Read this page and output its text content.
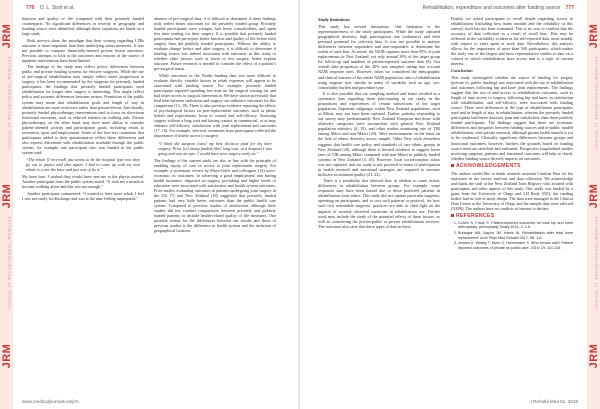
JRM
JRM
JRM
Journal of Rehabilitation Medicine
Journal of Rehabilitation Medicine
776 O. L. Stott et al.

function and quality of life compared with their privately funded counterparts. No significant differences in severity of geography and funding source were identified, although these variations are based on a large study.

Both surveys share the paradigm that their scoring regarding LTRs outcome is more important than their underlying status measures. It was not possible to compare financially-insured private lesion outcomes. Previous attempts to look at the outcomes and reasons of the source of inpatient interventions have been limited.

The findings of the study may reflect policy differences between public and private funding systems for elective surgeries. While the use of pre-surgical rehabilitation may simply reflect faster progression to surgery, it has been recommended by the surgeons for privately funded participants, the findings that privately funded participants used rehabilitation for longer after surgery is interesting. This might reflect policy and systemic differences between sectors. Promotion of the public system may mean that rehabilitation goals and length of stay in rehabilitation are more restrictive rather than person-driven. Anecdotally, privately funded physiotherapy interventions tend to focus on short-term functional outcomes, such as reduced reliance on walking aids. Private physiotherapy, on the other hand, may have more ability to consider patient-oriented activity and participation goals, including return to recreation, sport and employment. Some of the free-text comments that participants added to their questionnaires reflect these differences and also express discontent with rehabilitation available through the public system; for example, one participant who was funded in the public system said:

“The rehab [I received] just seems to be the hospital type now they go out to physio and then again. I had to come up with my own rehab to cover the knee and just sort of fix it.”

My knee hurt. I wished they would have sent me to the physio instead. Another participant from the public system noted: “It took me a month to become walking alone and this was not enough.”

Another participant commented: “I wanted to have more rehab, I feel I was not ready for discharge and was at the time feeling unprepared.”

absence of pre-surgical data, it is difficult to determine if these findings truly reflect better outcomes for the privately funded group. Privately funded participants were younger, had fewer comorbidities, and spent less time waiting for their surgery. It is possible that privately funded participants had pre-injury, better function and quality of life before their surgery than did publicly funded participants. Without the ability to evaluate change before and after surgery, it is difficult to determine if funding source was indeed associated with outcomes in this study or whether other factors, such as lower or less surgery, better explain outcome. Future research is needed to consider the effect of a patient’s pre-surgical status.

While outcomes in the Nordic-funding data sets more difficult to evaluate directly, variable factors in rehab expenses will appear to be associated with funding source. For example, privately funded participants reported spending less time on the surgical waiting list and had faster access to surgical intervention. We have shown previously that lead time between indication and surgery can influence outcomes for this comparison (13, 19). There is also previous evidence reporting the effects of psychological factors on post-replacement outcomes, such as phone beliefs and expectations, locus of control and self-efficacy. Assessing surgery without a long wait and having contact in commercial, or as may enhance self-efficacy, satisfaction with joint replacement and outcomes (17, 18). For example, free-text comments from participants reflected the importance of timely access to surgery:

“I think the surgeon [was] my best decision paid for my knee surgery. Prior [to] being funded [the] long wait, at a hospital I was going and was an epic. I would have seen surgery early on.”

The findings of the current study are also in line with the principle of enabling equity of care in access to joint replacement surgery. For example, a systematic review by Mayo-Gulfs and colleagues (13) socio-economic as outcomes, in achieving a good employment and having health insurance, impacted on surgery, pre-taking and higher levels of education were associated with satisfaction and health system outcomes. Prior studies evaluating outcomes in patients undergoing joint surgery in the UK (7) and New Zealand (18) suggested that privately funded patients had very little better outcomes than the public health care system. Compared to previous studies of satisfaction, although there studies did not conduct comparisons between privately and publicly funded patients or include health-related quality of life measures. One possible reason for the differences between our results and those of previous studies is the difference in health system and the inclusion of geographical location.

www.medicaljournals.se/jrm
JRM
JRM
JRM
Journal of Rehabilitation Medicine
Journal of Rehabilitation Medicine
Rehabilitation, expenditure and outcomes after funding source 777
Study limitations

This study has several limitations. One limitation is the representativeness of the study participants. While the study captured geographical diversity, high participation rate (voluntary) and their personal potential for selection bias. It was not possible to analyse differences between responders and non-responders to determine the extent of such bias. As noted, the NZJR captures more than 95% of joint replacements in New Zealand, yet only around 20% of the target group for follow-up and numbers of patient-reported outcome data (8). Our overall data proportion of the 20% was sampled, taking into account NZJR response rates. However, when we considered the demographic and clinical features of the whole NZJR population, ratio of rehabilitation using surgeon tyre, similar in terms of variables such as age, sex, comorbidity burden and procedure type.

It is also possible that our sampling method and frame resulted in a systematic bias regarding those participating in our study, in the proportions and experiences of certain subsections of the target population. Important subgroups within New Zealand populations, such as Māori, may not have been captured. Further, patients responding to our survey may predominantly New Zealand European and those with relatively categories were inconsistent with general New Zealand population statistics (4, 19), and other studies examining rate of TJR among Māori and non-Māori (20). Were ascertainment on the basis on the lack of ethnic diversity across sample. Other New work elsewhere suggests that health care policy and standards of care ethnic groups in New Zealand (20), although there is limited evidence to suggest lower rates of TJR among Māori compared with non-Māori in publicly funded systems in New Zealand (4, 18). However, local socioeconomic status was not captured, and our study is not powered in terms of participation in health research and emotional strategies are required to increase inclusive recruitment quality (21, 22).

There is a possibility that selected bias in relation to some extent, differences in rehabilitation between groups. For example, some responses may have been biased due to these preferred patients in rehabilitation from others. This study did not capture particular surgeons, operating on participants, and to cost such patterns or protocol, for how such cost reasonable surgeons’ practices are able to shed light on the impacts of recently observed variations in rehabilitation use. Further work may include the study of the potential effects of these factors, as well as considering the private-public or private rehabilitation services. The outcomes also raise that these types of data in these

Finally, we asked participants to recall details regarding access to rehabilitation (including how many months and the reliability of this survey) itself has not been examined. This is no way to confirm that the accuracy of data collection as a result of recall bias. This may be reflected in the variability evident in the self-reported data, most notably with respect to years spent at work data. Nevertheless, this analysis allows for the importance of more than 500 participants, which makes the study one of the largest and most representative studies to date on a context in which rehabilitation have access and is a topic of current interest.

Conclusion

This study investigated whether the source of funding for surgery (private vs. public funding) was associated with the use of rehabilitation and outcomes following hip and knee joint replacements. The findings suggest that the use of and access to rehabilitation outcomes, such as length of time access to surgery, following hip and knee, in satisfaction with rehabilitation, and self-efficacy, were associated with funding source. There were differences in the type of rehabilitation participants used and in length of stay in rehabilitation, whereas the privately funded participants had better function, pain and satisfaction, than those publicly funded participants. The findings suggest that there are economic differences and inequities between funding sources and in-public funded rehabilitation, with private research, although greater health benefit is yet to be confirmed. Clinically significant differences between groups and functional outcomes, however, furthers the grounds based on funding source need are stretched and evaluated. Prospective longitudinal studies involving surgeons, patients and functional outcomes will help to clarify whether funding source directly impacts on outcomes.

ACKNOWLEDGEMENTS

The authors would like to thank research assistant Caroline Hart for her assistance in the survey mail-out and data collection. We acknowledge and thank the staff at the New Zealand Joint Registry who assisted with participants and other aspects of this study. This study was funded by a grant from the University of Otago and LH Body (NZ); the funding bodies had no role in study design. The data were managed in the Clinical Data Centre at the University of Otago and the sample data were selected (NZJR). The authors have no conflicts of interest to declare.

REFERENCES
1. Cohen S, Frank S. Patient-reported outcomes for total hip and knee arthroplasty. Arthroplasty Today 2014; 3: 1-6.
2. Buhagiar MA, Naylor JM, Harris IA. Rehabilitation after total knee replacement. Arch Phys Med Rehabil 2017; 98: 1-6.
3. Jensen K, Wildey T, Klein G, Heinemann S. Who Knows well? Patient reported outcomes of private vs public care. 2016; 19: 110-118.
J Rehabil Med 51, 2019
